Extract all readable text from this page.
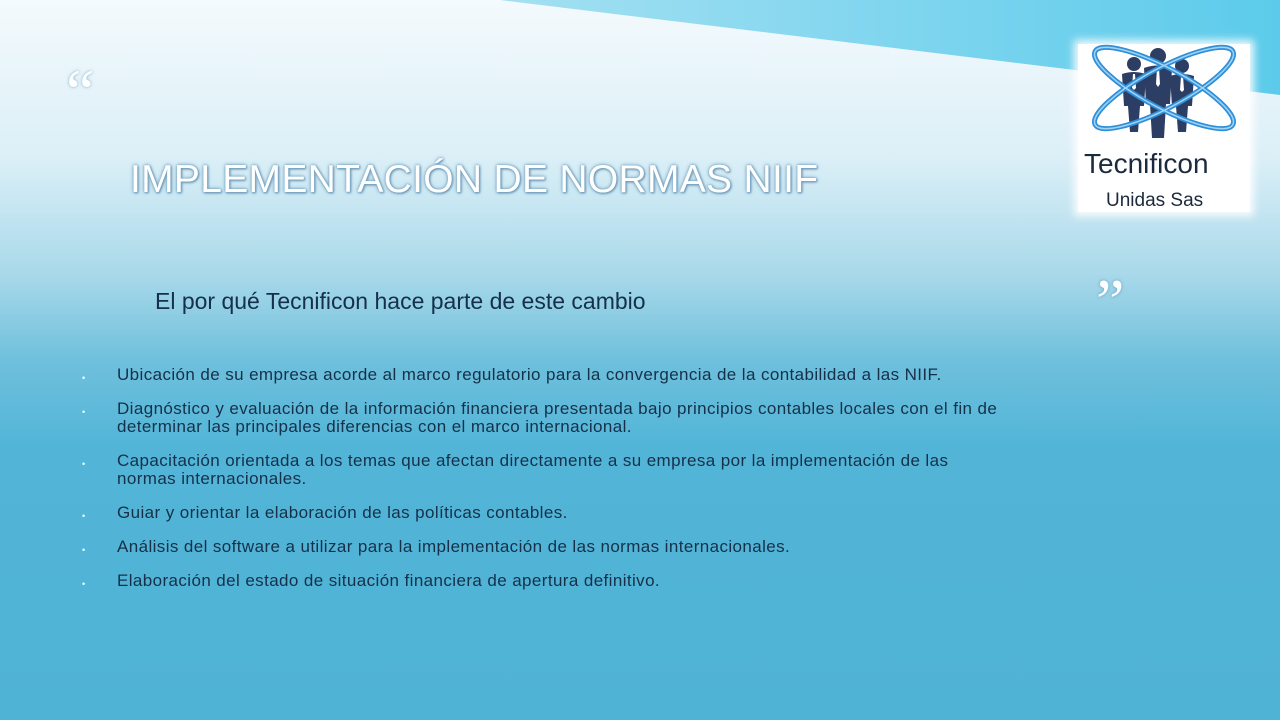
“
IMPLEMENTACIÓN DE NORMAS NIIF
”

El por qué Tecnificon hace parte de este cambio

• Ubicación de su empresa acorde al marco regulatorio para la convergencia de la contabilidad a las NIIF.
• Diagnóstico y evaluación de la información financiera presentada bajo principios contables locales con el fin de determinar las principales diferencias con el marco internacional.
• Capacitación orientada a los temas que afectan directamente a su empresa por la implementación de las normas internacionales.
• Guiar y orientar la elaboración de las políticas contables.
• Análisis del software a utilizar para la implementación de las normas internacionales.
• Elaboración del estado de situación financiera de apertura definitivo.
Tecnificon
Unidas Sas
